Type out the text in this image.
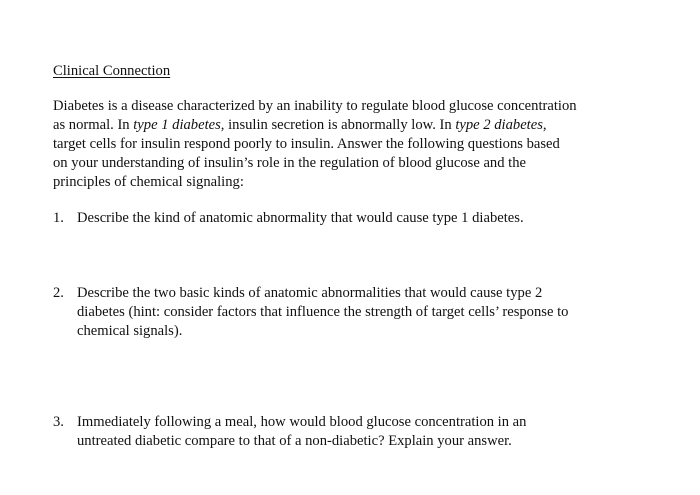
Clinical Connection
Diabetes is a disease characterized by an inability to regulate blood glucose concentration
as normal. In type 1 diabetes, insulin secretion is abnormally low. In type 2 diabetes,
target cells for insulin respond poorly to insulin. Answer the following questions based
on your understanding of insulin’s role in the regulation of blood glucose and the
principles of chemical signaling:
1. Describe the kind of anatomic abnormality that would cause type 1 diabetes.
2. Describe the two basic kinds of anatomic abnormalities that would cause type 2
diabetes (hint: consider factors that influence the strength of target cells’ response to
chemical signals).
3. Immediately following a meal, how would blood glucose concentration in an
untreated diabetic compare to that of a non-diabetic? Explain your answer.
